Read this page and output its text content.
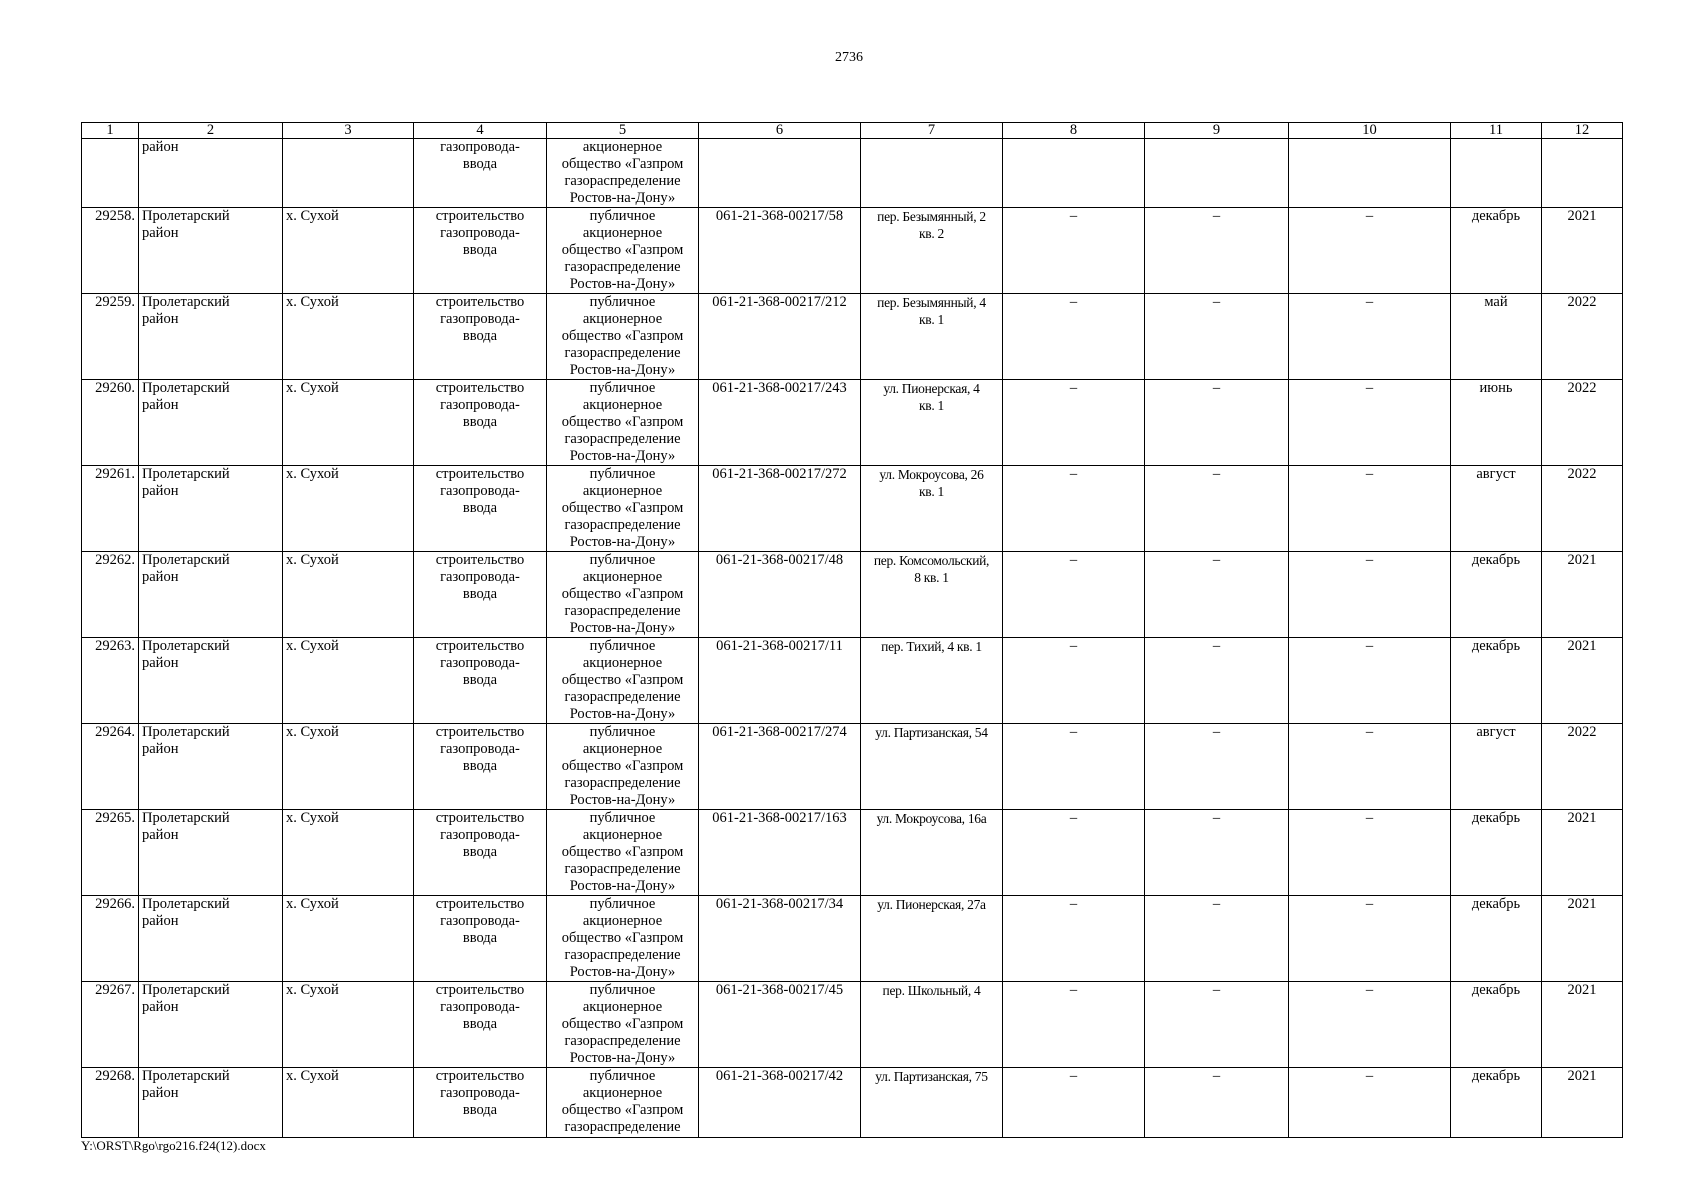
2736
1	2	3	4	5	6	7	8	9	10	11	12
	район		газопровода-
ввода	акционерное
общество «Газпром
газораспределение
Ростов-на-Дону»							
29258.	Пролетарский
район	х. Сухой	строительство
газопровода-
ввода	публичное
акционерное
общество «Газпром
газораспределение
Ростов-на-Дону»	061-21-368-00217/58	пер. Безымянный, 2
кв. 2	–	–	–	декабрь	2021
29259.	Пролетарский
район	х. Сухой	строительство
газопровода-
ввода	публичное
акционерное
общество «Газпром
газораспределение
Ростов-на-Дону»	061-21-368-00217/212	пер. Безымянный, 4
кв. 1	–	–	–	май	2022
29260.	Пролетарский
район	х. Сухой	строительство
газопровода-
ввода	публичное
акционерное
общество «Газпром
газораспределение
Ростов-на-Дону»	061-21-368-00217/243	ул. Пионерская, 4
кв. 1	–	–	–	июнь	2022
29261.	Пролетарский
район	х. Сухой	строительство
газопровода-
ввода	публичное
акционерное
общество «Газпром
газораспределение
Ростов-на-Дону»	061-21-368-00217/272	ул. Мокроусова, 26
кв. 1	–	–	–	август	2022
29262.	Пролетарский
район	х. Сухой	строительство
газопровода-
ввода	публичное
акционерное
общество «Газпром
газораспределение
Ростов-на-Дону»	061-21-368-00217/48	пер. Комсомольский,
8 кв. 1	–	–	–	декабрь	2021
29263.	Пролетарский
район	х. Сухой	строительство
газопровода-
ввода	публичное
акционерное
общество «Газпром
газораспределение
Ростов-на-Дону»	061-21-368-00217/11	пер. Тихий, 4 кв. 1	–	–	–	декабрь	2021
29264.	Пролетарский
район	х. Сухой	строительство
газопровода-
ввода	публичное
акционерное
общество «Газпром
газораспределение
Ростов-на-Дону»	061-21-368-00217/274	ул. Партизанская, 54	–	–	–	август	2022
29265.	Пролетарский
район	х. Сухой	строительство
газопровода-
ввода	публичное
акционерное
общество «Газпром
газораспределение
Ростов-на-Дону»	061-21-368-00217/163	ул. Мокроусова, 16а	–	–	–	декабрь	2021
29266.	Пролетарский
район	х. Сухой	строительство
газопровода-
ввода	публичное
акционерное
общество «Газпром
газораспределение
Ростов-на-Дону»	061-21-368-00217/34	ул. Пионерская, 27а	–	–	–	декабрь	2021
29267.	Пролетарский
район	х. Сухой	строительство
газопровода-
ввода	публичное
акционерное
общество «Газпром
газораспределение
Ростов-на-Дону»	061-21-368-00217/45	пер. Школьный, 4	–	–	–	декабрь	2021
29268.	Пролетарский
район	х. Сухой	строительство
газопровода-
ввода	публичное
акционерное
общество «Газпром
газораспределение	061-21-368-00217/42	ул. Партизанская, 75	–	–	–	декабрь	2021
Y:\ORST\Rgo\rgo216.f24(12).docx
